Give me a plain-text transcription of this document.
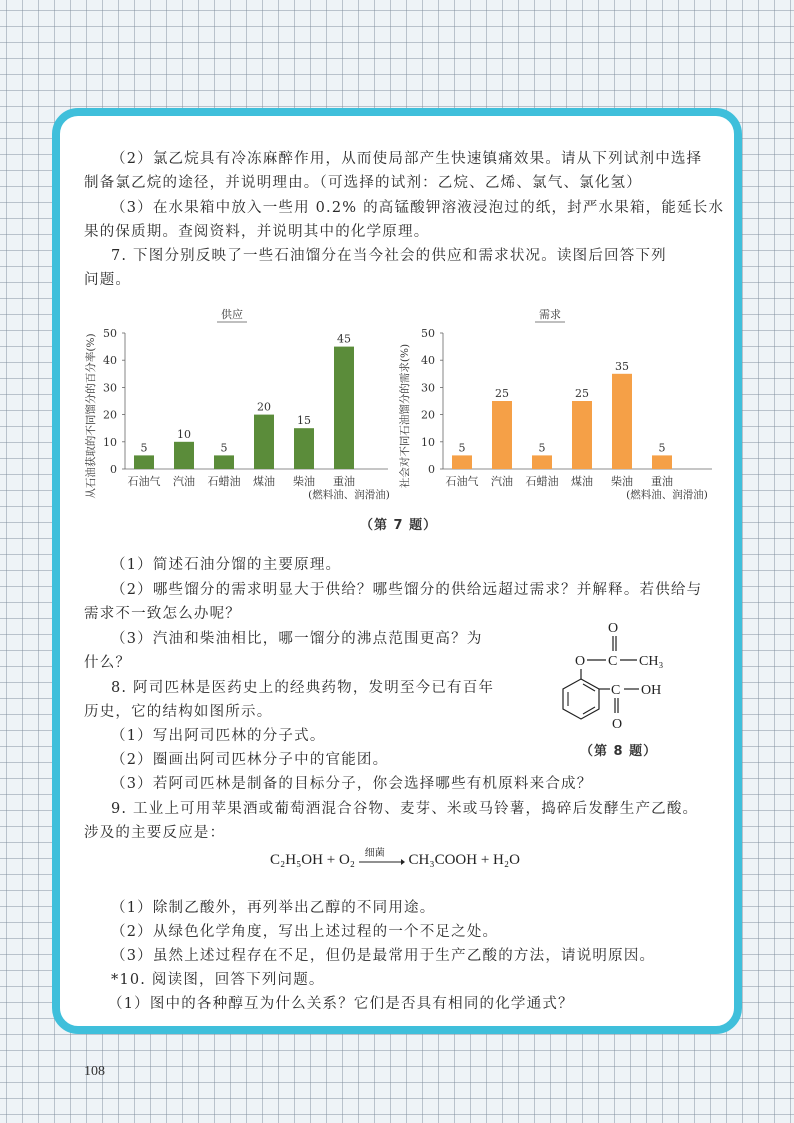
（2）氯乙烷具有冷冻麻醉作用，从而使局部产生快速镇痛效果。请从下列试剂中选择
制备氯乙烷的途径，并说明理由。（可选择的试剂：乙烷、乙烯、氯气、氯化氢）
（3）在水果箱中放入一些用 0.2% 的高锰酸钾溶液浸泡过的纸，封严水果箱，能延长水
果的保质期。查阅资料，并说明其中的化学原理。
7. 下图分别反映了一些石油馏分在当今社会的供应和需求状况。读图后回答下列
问题。
（1）简述石油分馏的主要原理。
（2）哪些馏分的需求明显大于供给？哪些馏分的供给远超过需求？并解释。若供给与
需求不一致怎么办呢？
（3）汽油和柴油相比，哪一馏分的沸点范围更高？为
什么？
8. 阿司匹林是医药史上的经典药物，发明至今已有百年
历史，它的结构如图所示。
（1）写出阿司匹林的分子式。
（2）圈画出阿司匹林分子中的官能团。
（3）若阿司匹林是制备的目标分子，你会选择哪些有机原料来合成？
9. 工业上可用苹果酒或葡萄酒混合谷物、麦芽、米或马铃薯，捣碎后发酵生产乙酸。
涉及的主要反应是：
（1）除制乙酸外，再列举出乙醇的不同用途。
（2）从绿色化学角度，写出上述过程的一个不足之处。
（3）虽然上述过程存在不足，但仍是最常用于生产乙酸的方法，请说明原因。
*10. 阅读图，回答下列问题。
（1）图中的各种醇互为什么关系？它们是否具有相同的化学通式？
供应
从石油获取的不同馏分的百分率(%) 0
10
20
30
40
50
5
石油气
10
汽油
5
石蜡油
20
煤油
15
柴油
45
重油
(燃料油、润滑油)
需求
社会对不同石油馏分的需求(%) 0
10
20
30
40
50
5
石油气
25
汽油
5
石蜡油
25
煤油
35
柴油
5
重油
(燃料油、润滑油)
（第 7 题）
O
O C CH₃
C OH
O
（第 8 题）
C₂H₅OH + O₂ 细菌 CH₃COOH + H₂O
108
